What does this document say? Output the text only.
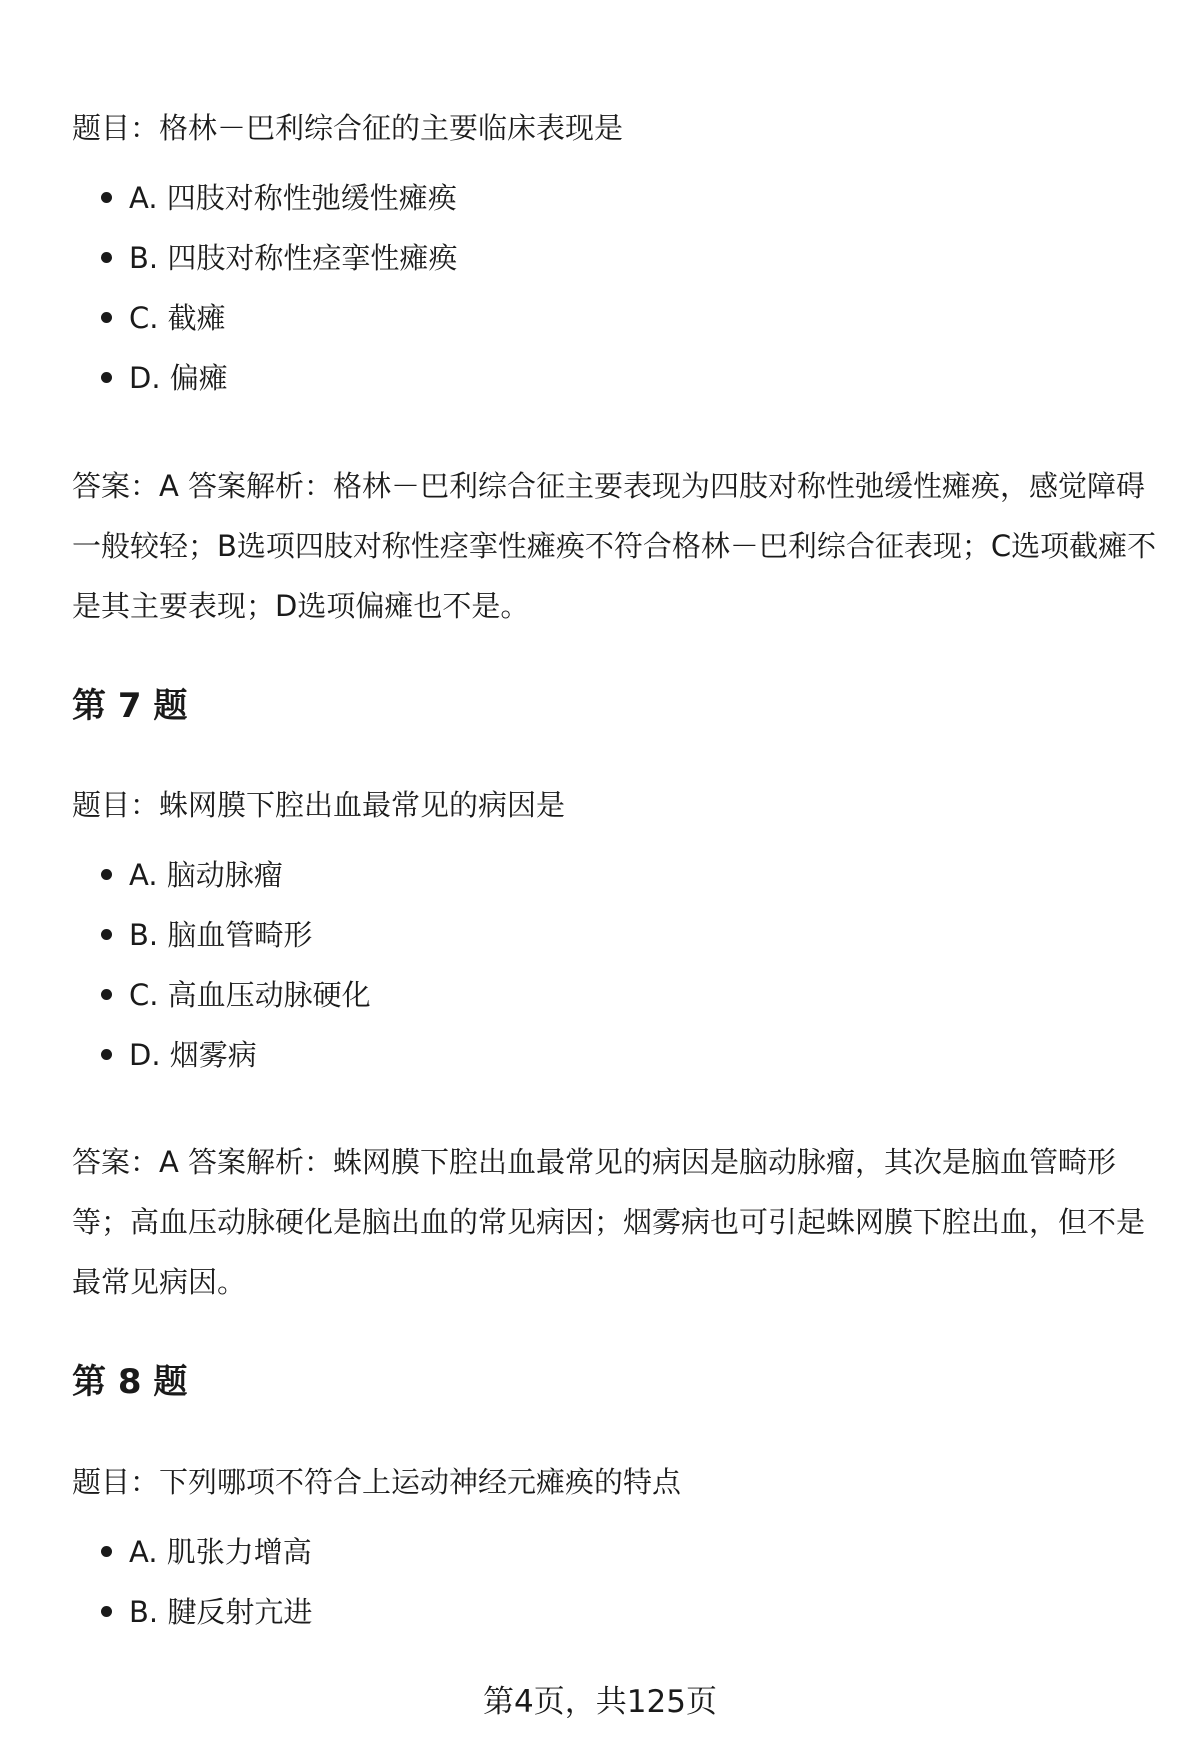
题目：格林－巴利综合征的主要临床表现是
A. 四肢对称性弛缓性瘫痪
B. 四肢对称性痉挛性瘫痪
C. 截瘫
D. 偏瘫

答案：A 答案解析：格林－巴利综合征主要表现为四肢对称性弛缓性瘫痪，感觉障碍一般较轻；B选项四肢对称性痉挛性瘫痪不符合格林－巴利综合征表现；C选项截瘫不是其主要表现；D选项偏瘫也不是。

第 7 题
题目：蛛网膜下腔出血最常见的病因是
A. 脑动脉瘤
B. 脑血管畸形
C. 高血压动脉硬化
D. 烟雾病

答案：A 答案解析：蛛网膜下腔出血最常见的病因是脑动脉瘤，其次是脑血管畸形等；高血压动脉硬化是脑出血的常见病因；烟雾病也可引起蛛网膜下腔出血，但不是最常见病因。

第 8 题
题目：下列哪项不符合上运动神经元瘫痪的特点
A. 肌张力增高
B. 腱反射亢进
第4页，共125页
